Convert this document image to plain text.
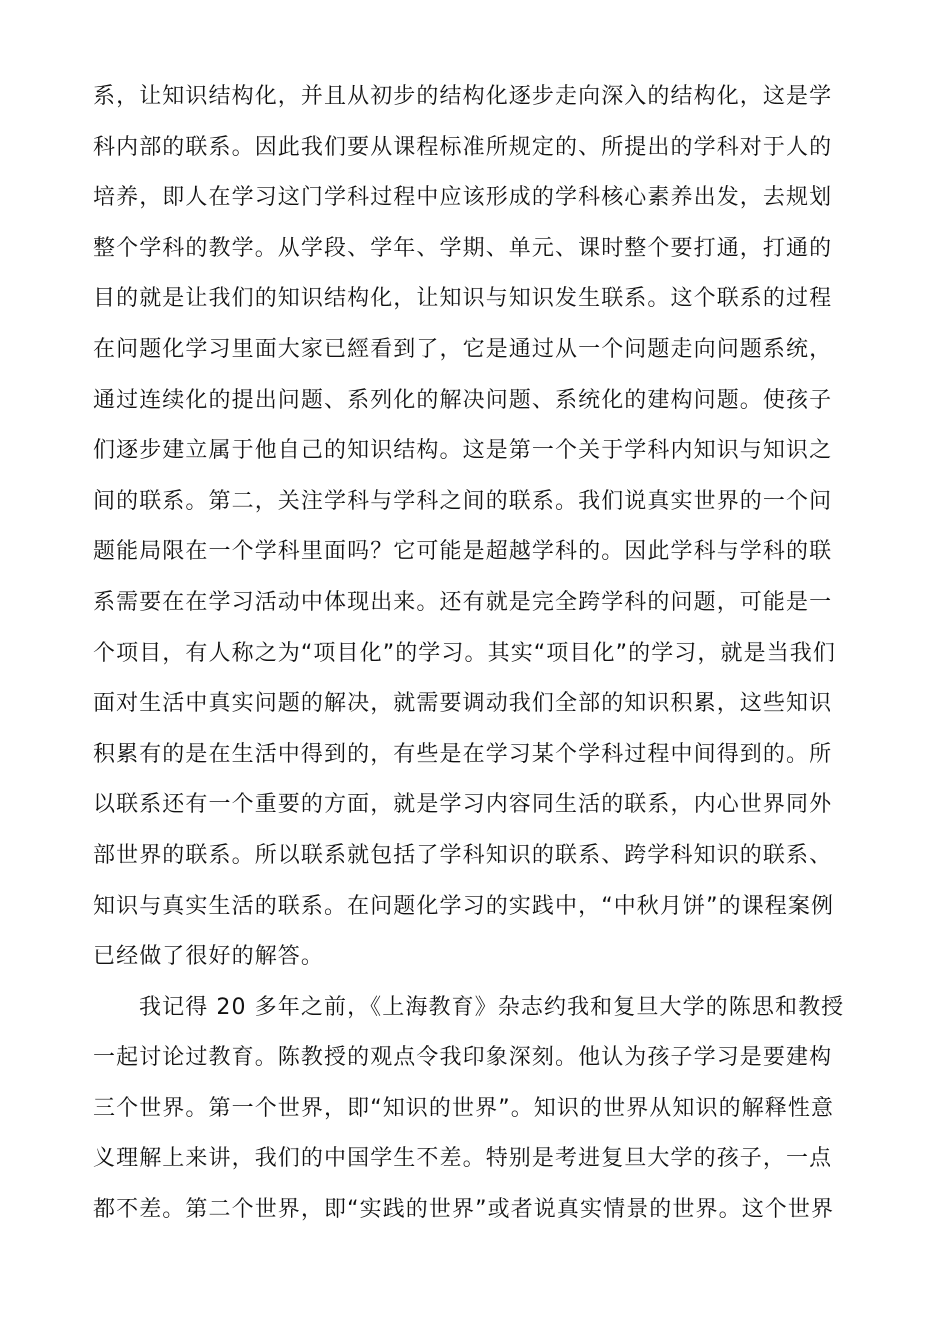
系，让知识结构化，并且从初步的结构化逐步走向深入的结构化，这是学
科内部的联系。因此我们要从课程标准所规定的、所提出的学科对于人的
培养，即人在学习这门学科过程中应该形成的学科核心素养出发，去规划
整个学科的教学。从学段、学年、学期、单元、课时整个要打通，打通的
目的就是让我们的知识结构化，让知识与知识发生联系。这个联系的过程
在问题化学习里面大家已經看到了，它是通过从一个问题走向问题系统，
通过连续化的提出问题、系列化的解决问题、系统化的建构问题。使孩子
们逐步建立属于他自己的知识结构。这是第一个关于学科内知识与知识之
间的联系。第二，关注学科与学科之间的联系。我们说真实世界的一个问
题能局限在一个学科里面吗？它可能是超越学科的。因此学科与学科的联
系需要在在学习活动中体现出来。还有就是完全跨学科的问题，可能是一
个项目，有人称之为“项目化”的学习。其实“项目化”的学习，就是当我们
面对生活中真实问题的解决，就需要调动我们全部的知识积累，这些知识
积累有的是在生活中得到的，有些是在学习某个学科过程中间得到的。所
以联系还有一个重要的方面，就是学习内容同生活的联系，内心世界同外
部世界的联系。所以联系就包括了学科知识的联系、跨学科知识的联系、
知识与真实生活的联系。在问题化学习的实践中，“中秋月饼”的课程案例
已经做了很好的解答。
我记得 20 多年之前，《上海教育》杂志约我和复旦大学的陈思和教授
一起讨论过教育。陈教授的观点令我印象深刻。他认为孩子学习是要建构
三个世界。第一个世界，即“知识的世界”。知识的世界从知识的解释性意
义理解上来讲，我们的中国学生不差。特别是考进复旦大学的孩子，一点
都不差。第二个世界，即“实践的世界”或者说真实情景的世界。这个世界
